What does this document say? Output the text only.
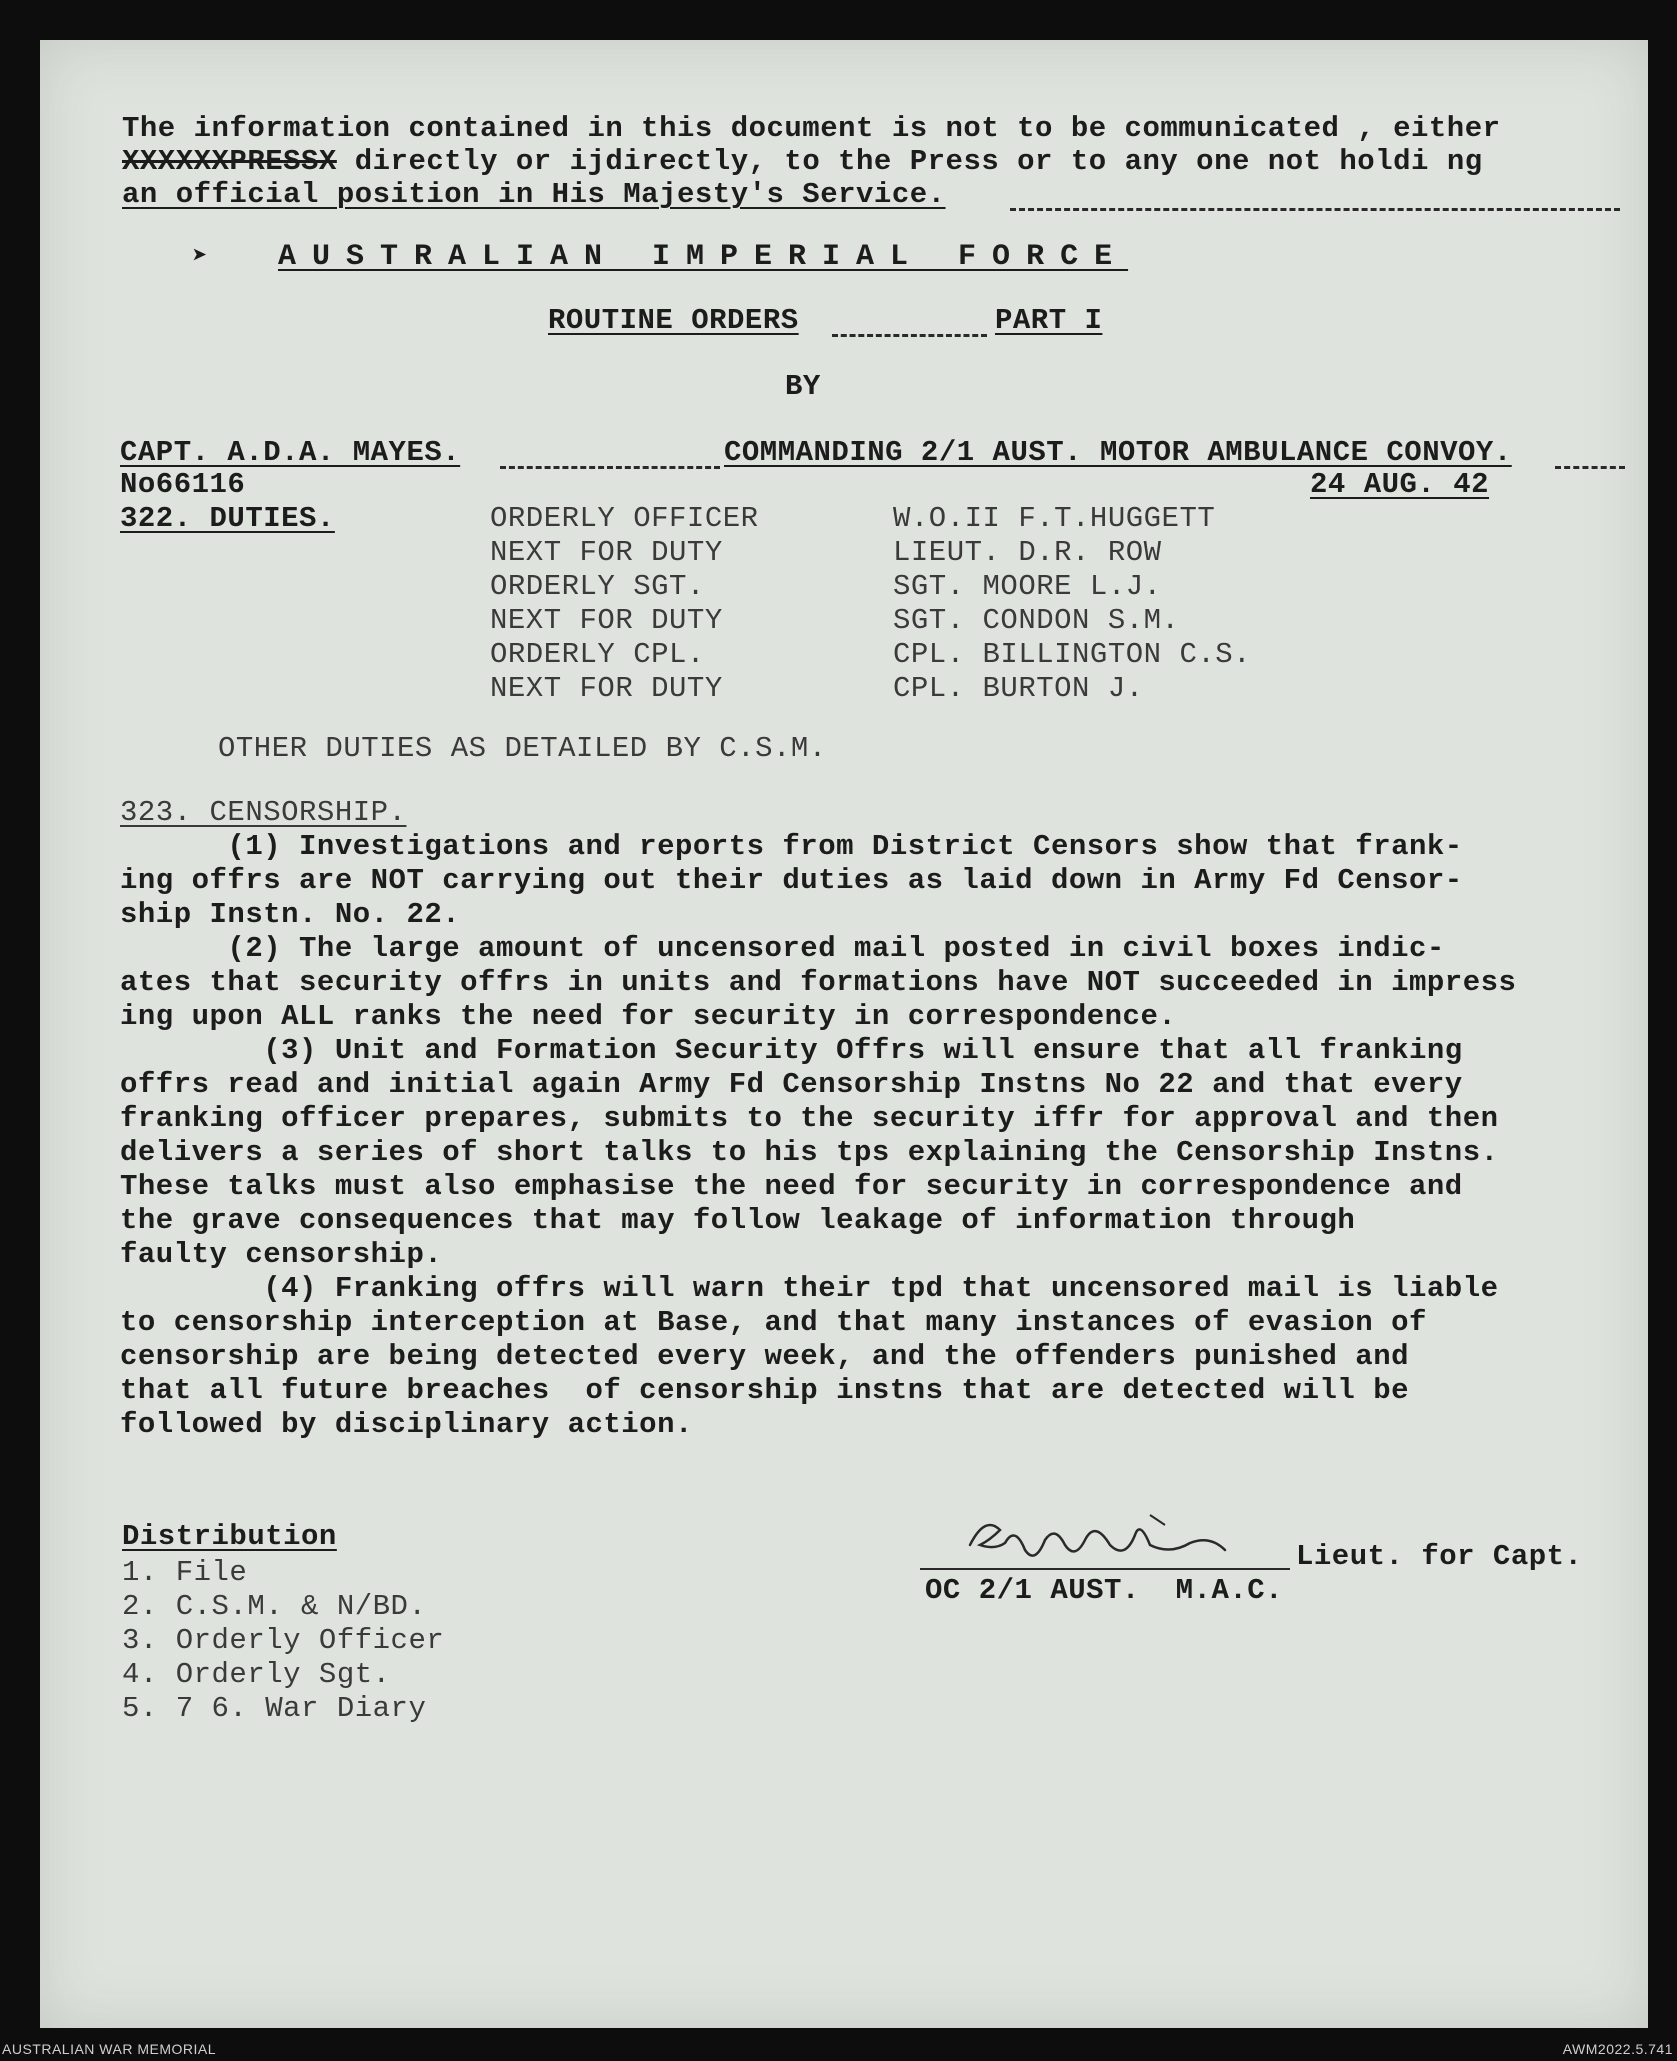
The information contained in this document is not to be communicated , either
XXXXXXPRESSX directly or ijdirectly, to the Press or to any one not holdi ng
an official position in His Majesty's Service.
➤ AUSTRALIAN IMPERIAL FORCE
ROUTINE ORDERS	PART I
BY
CAPT. A.D.A. MAYES.	COMMANDING 2/1 AUST. MOTOR AMBULANCE CONVOY.
No66116	24 AUG. 42
322. DUTIES.	ORDERLY OFFICER	W.O.II F.T.HUGGETT
NEXT FOR DUTY	LIEUT. D.R. ROW
ORDERLY SGT.	SGT. MOORE L.J.
NEXT FOR DUTY	SGT. CONDON S.M.
ORDERLY CPL.	CPL. BILLINGTON C.S.
NEXT FOR DUTY	CPL. BURTON J.
OTHER DUTIES AS DETAILED BY C.S.M.
323. CENSORSHIP.
(1) Investigations and reports from District Censors show that frank-
ing offrs are NOT carrying out their duties as laid down in Army Fd Censor-
ship Instn. No. 22.
(2) The large amount of uncensored mail posted in civil boxes indic-
ates that security offrs in units and formations have NOT succeeded in impress
ing upon ALL ranks the need for security in correspondence.
(3) Unit and Formation Security Offrs will ensure that all franking
offrs read and initial again Army Fd Censorship Instns No 22 and that every
franking officer prepares, submits to the security iffr for approval and then
delivers a series of short talks to his tps explaining the Censorship Instns.
These talks must also emphasise the need for security in correspondence and
the grave consequences that may follow leakage of information through
faulty censorship.
(4) Franking offrs will warn their tpd that uncensored mail is liable
to censorship interception at Base, and that many instances of evasion of
censorship are being detected every week, and the offenders punished and
that all future breaches  of censorship instns that are detected will be
followed by disciplinary action.
Lieut. for Capt.
OC 2/1 AUST.  M.A.C.
Distribution
1. File
2. C.S.M. & N/BD.
3. Orderly Officer
4. Orderly Sgt.
5. 7 6. War Diary
AUSTRALIAN WAR MEMORIAL	AWM2022.5.741
